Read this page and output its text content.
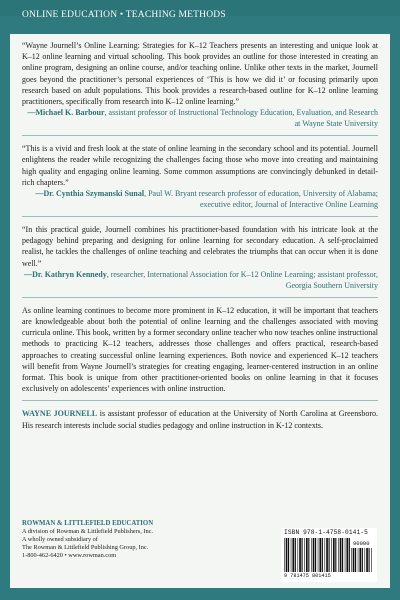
ONLINE EDUCATION • TEACHING METHODS

“Wayne Journell’s Online Learning: Strategies for K–12 Teachers presents an interesting and unique look at K–12 online learning and virtual schooling. This book provides an outline for those interested in creating an online program, designing an online course, and/or teaching online. Unlike other texts in the market, Journell goes beyond the practitioner’s personal experiences of ‘This is how we did it’ or focusing primarily upon research based on adult populations. This book provides a research-based outline for K–12 online learning practitioners, specifically from research into K–12 online learning.”

—Michael K. Barbour, assistant professor of Instructional Technology Education, Evaluation, and Research at Wayne State University

“This is a vivid and fresh look at the state of online learning in the secondary school and its potential. Journell enlightens the reader while recognizing the challenges facing those who move into creating and maintaining high quality and engaging online learning. Some common assumptions are convincingly debunked in detail-rich chapters.”

—Dr. Cynthia Szymanski Sunal, Paul W. Bryant research professor of education, University of Alabama; executive editor, Journal of Interactive Online Learning

“In this practical guide, Journell combines his practitioner-based foundation with his intricate look at the pedagogy behind preparing and designing for online learning for secondary education. A self-proclaimed realist, he tackles the challenges of online teaching and celebrates the triumphs that can occur when it is done well.”

—Dr. Kathryn Kennedy, researcher, International Association for K–12 Online Learning; assistant professor, Georgia Southern University

As online learning continues to become more prominent in K–12 education, it will be important that teachers are knowledgeable about both the potential of online learning and the challenges associated with moving curricula online. This book, written by a former secondary online teacher who now teaches online instructional methods to practicing K–12 teachers, addresses those challenges and offers practical, research-based approaches to creating successful online learning experiences. Both novice and experienced K–12 teachers will benefit from Wayne Journell’s strategies for creating engaging, learner-centered instruction in an online format. This book is unique from other practitioner-oriented books on online learning in that it focuses exclusively on adolescents’ experiences with online instruction.

WAYNE JOURNELL is assistant professor of education at the University of North Carolina at Greensboro. His research interests include social studies pedagogy and online instruction in K-12 contexts.

ROWMAN & LITTLEFIELD EDUCATION
A division of Rowman & Littlefield Publishers, Inc.
A wholly owned subsidiary of
The Rowman & Littlefield Publishing Group, Inc.
1-800-462-6420 • www.rowman.com
ISBN 978-1-4758-0141-5
90000
9 781475 801415
